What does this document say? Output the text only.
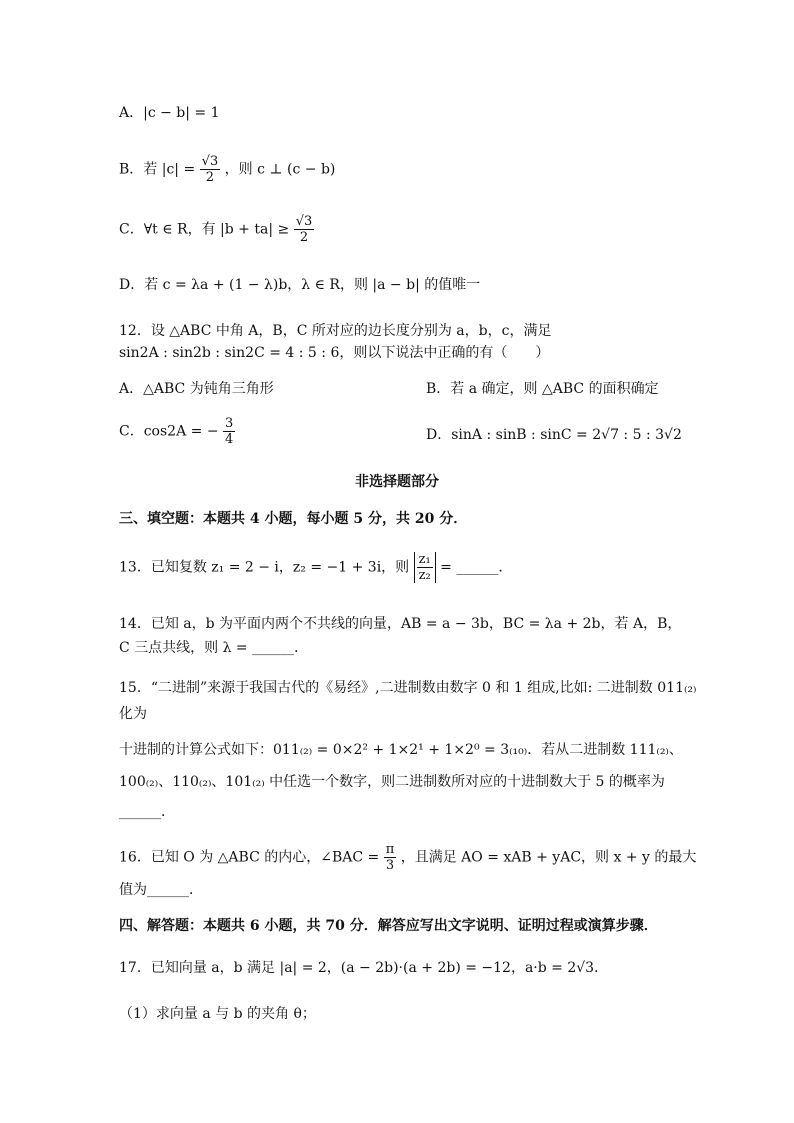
A．|c − b| = 1
B．若 $|c| = \frac{√3}{2}$ ，则 c ⊥ (c − b)
C．∀t ∈ R，有 $|b + ta| \ge \frac{√3}{2}$
D．若 c = λa + (1 − λ)b，λ ∈ R，则 |a − b| 的值唯一
12．设 △ABC 中角 A，B，C 所对应的边长度分别为 a，b，c，满足
sin2A : sin2b : sin2C = 4 : 5 : 6，则以下说法中正确的有（　　）
A．△ABC 为钝角三角形	B．若 a 确定，则 △ABC 的面积确定
C．cos2A = − $\frac{3}{4}$	D．sinA : sinB : sinC = 2√7 : 5 : 3√2
非选择题部分
三、填空题：本题共 4 小题，每小题 5 分，共 20 分．
13．已知复数 z₁ = 2 − i，z₂ = −1 + 3i，则 $\frac{\text{z₁}}{\text{z₂}}$ = ______．
14．已知 a，b 为平面内两个不共线的向量，AB = a − 3b，BC = λa + 2b，若 A，B，
C 三点共线，则 λ = ______．
15．“二进制”来源于我国古代的《易经》,二进制数由数字 0 和 1 组成,比如: 二进制数 011₍₂₎
化为
十进制的计算公式如下：011₍₂₎ = 0×2² + 1×2¹ + 1×2⁰ = 3₍₁₀₎．若从二进制数 111₍₂₎、
100₍₂₎、110₍₂₎、101₍₂₎ 中任选一个数字，则二进制数所对应的十进制数大于 5 的概率为
______．
16．已知 O 为 △ABC 的内心，∠BAC = $\frac{\pi}{3}$ ，且满足 AO = xAB + yAC，则 x + y 的最大
值为______．
四、解答题：本题共 6 小题，共 70 分．解答应写出文字说明、证明过程或演算步骤．
17．已知向量 a，b 满足 |a| = 2，(a − 2b)·(a + 2b) = −12，a·b = 2√3．
（1）求向量 a 与 b 的夹角 θ；
